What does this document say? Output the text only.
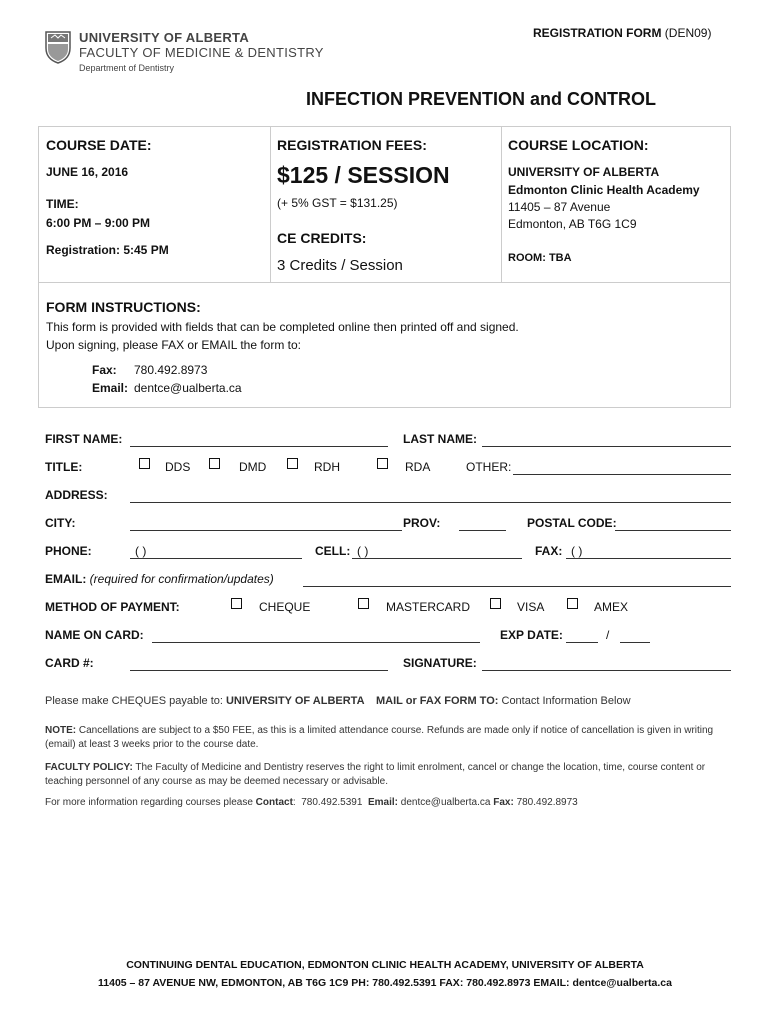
UNIVERSITY OF ALBERTA
FACULTY OF MEDICINE & DENTISTRY
Department of Dentistry
REGISTRATION FORM (DEN09)
INFECTION PREVENTION and CONTROL
COURSE DATE:
JUNE 16, 2016
TIME:
6:00 PM – 9:00 PM
Registration: 5:45 PM
REGISTRATION FEES:
$125 / SESSION
(+ 5% GST = $131.25)
CE CREDITS:
3 Credits / Session
COURSE LOCATION:
UNIVERSITY OF ALBERTA
Edmonton Clinic Health Academy
11405 – 87 Avenue
Edmonton, AB T6G 1C9
ROOM: TBA
FORM INSTRUCTIONS:
This form is provided with fields that can be completed online then printed off and signed.
Upon signing, please FAX or EMAIL the form to:
Fax: 780.492.8973
Email: dentce@ualberta.ca
FIRST NAME:	LAST NAME:
TITLE:	DDS	DMD	RDH	RDA	OTHER:
ADDRESS:
CITY:	PROV:	POSTAL CODE:
PHONE:	( )	CELL: ( )	FAX: ( )
EMAIL: (required for confirmation/updates)
METHOD OF PAYMENT:	CHEQUE	MASTERCARD	VISA	AMEX
NAME ON CARD:	EXP DATE:	/
CARD #:	SIGNATURE:
Please make CHEQUES payable to: UNIVERSITY OF ALBERTA MAIL or FAX FORM TO: Contact Information Below
NOTE: Cancellations are subject to a $50 FEE, as this is a limited attendance course. Refunds are made only if notice of cancellation is given in writing (email) at least 3 weeks prior to the course date.
FACULTY POLICY: The Faculty of Medicine and Dentistry reserves the right to limit enrolment, cancel or change the location, time, course content or teaching personnel of any course as may be deemed necessary or advisable.
For more information regarding courses please Contact:  780.492.5391 Email: dentce@ualberta.ca Fax: 780.492.8973
CONTINUING DENTAL EDUCATION, EDMONTON CLINIC HEALTH ACADEMY, UNIVERSITY OF ALBERTA
11405 – 87 AVENUE NW, EDMONTON, AB T6G 1C9 PH: 780.492.5391 FAX: 780.492.8973 EMAIL: dentce@ualberta.ca
